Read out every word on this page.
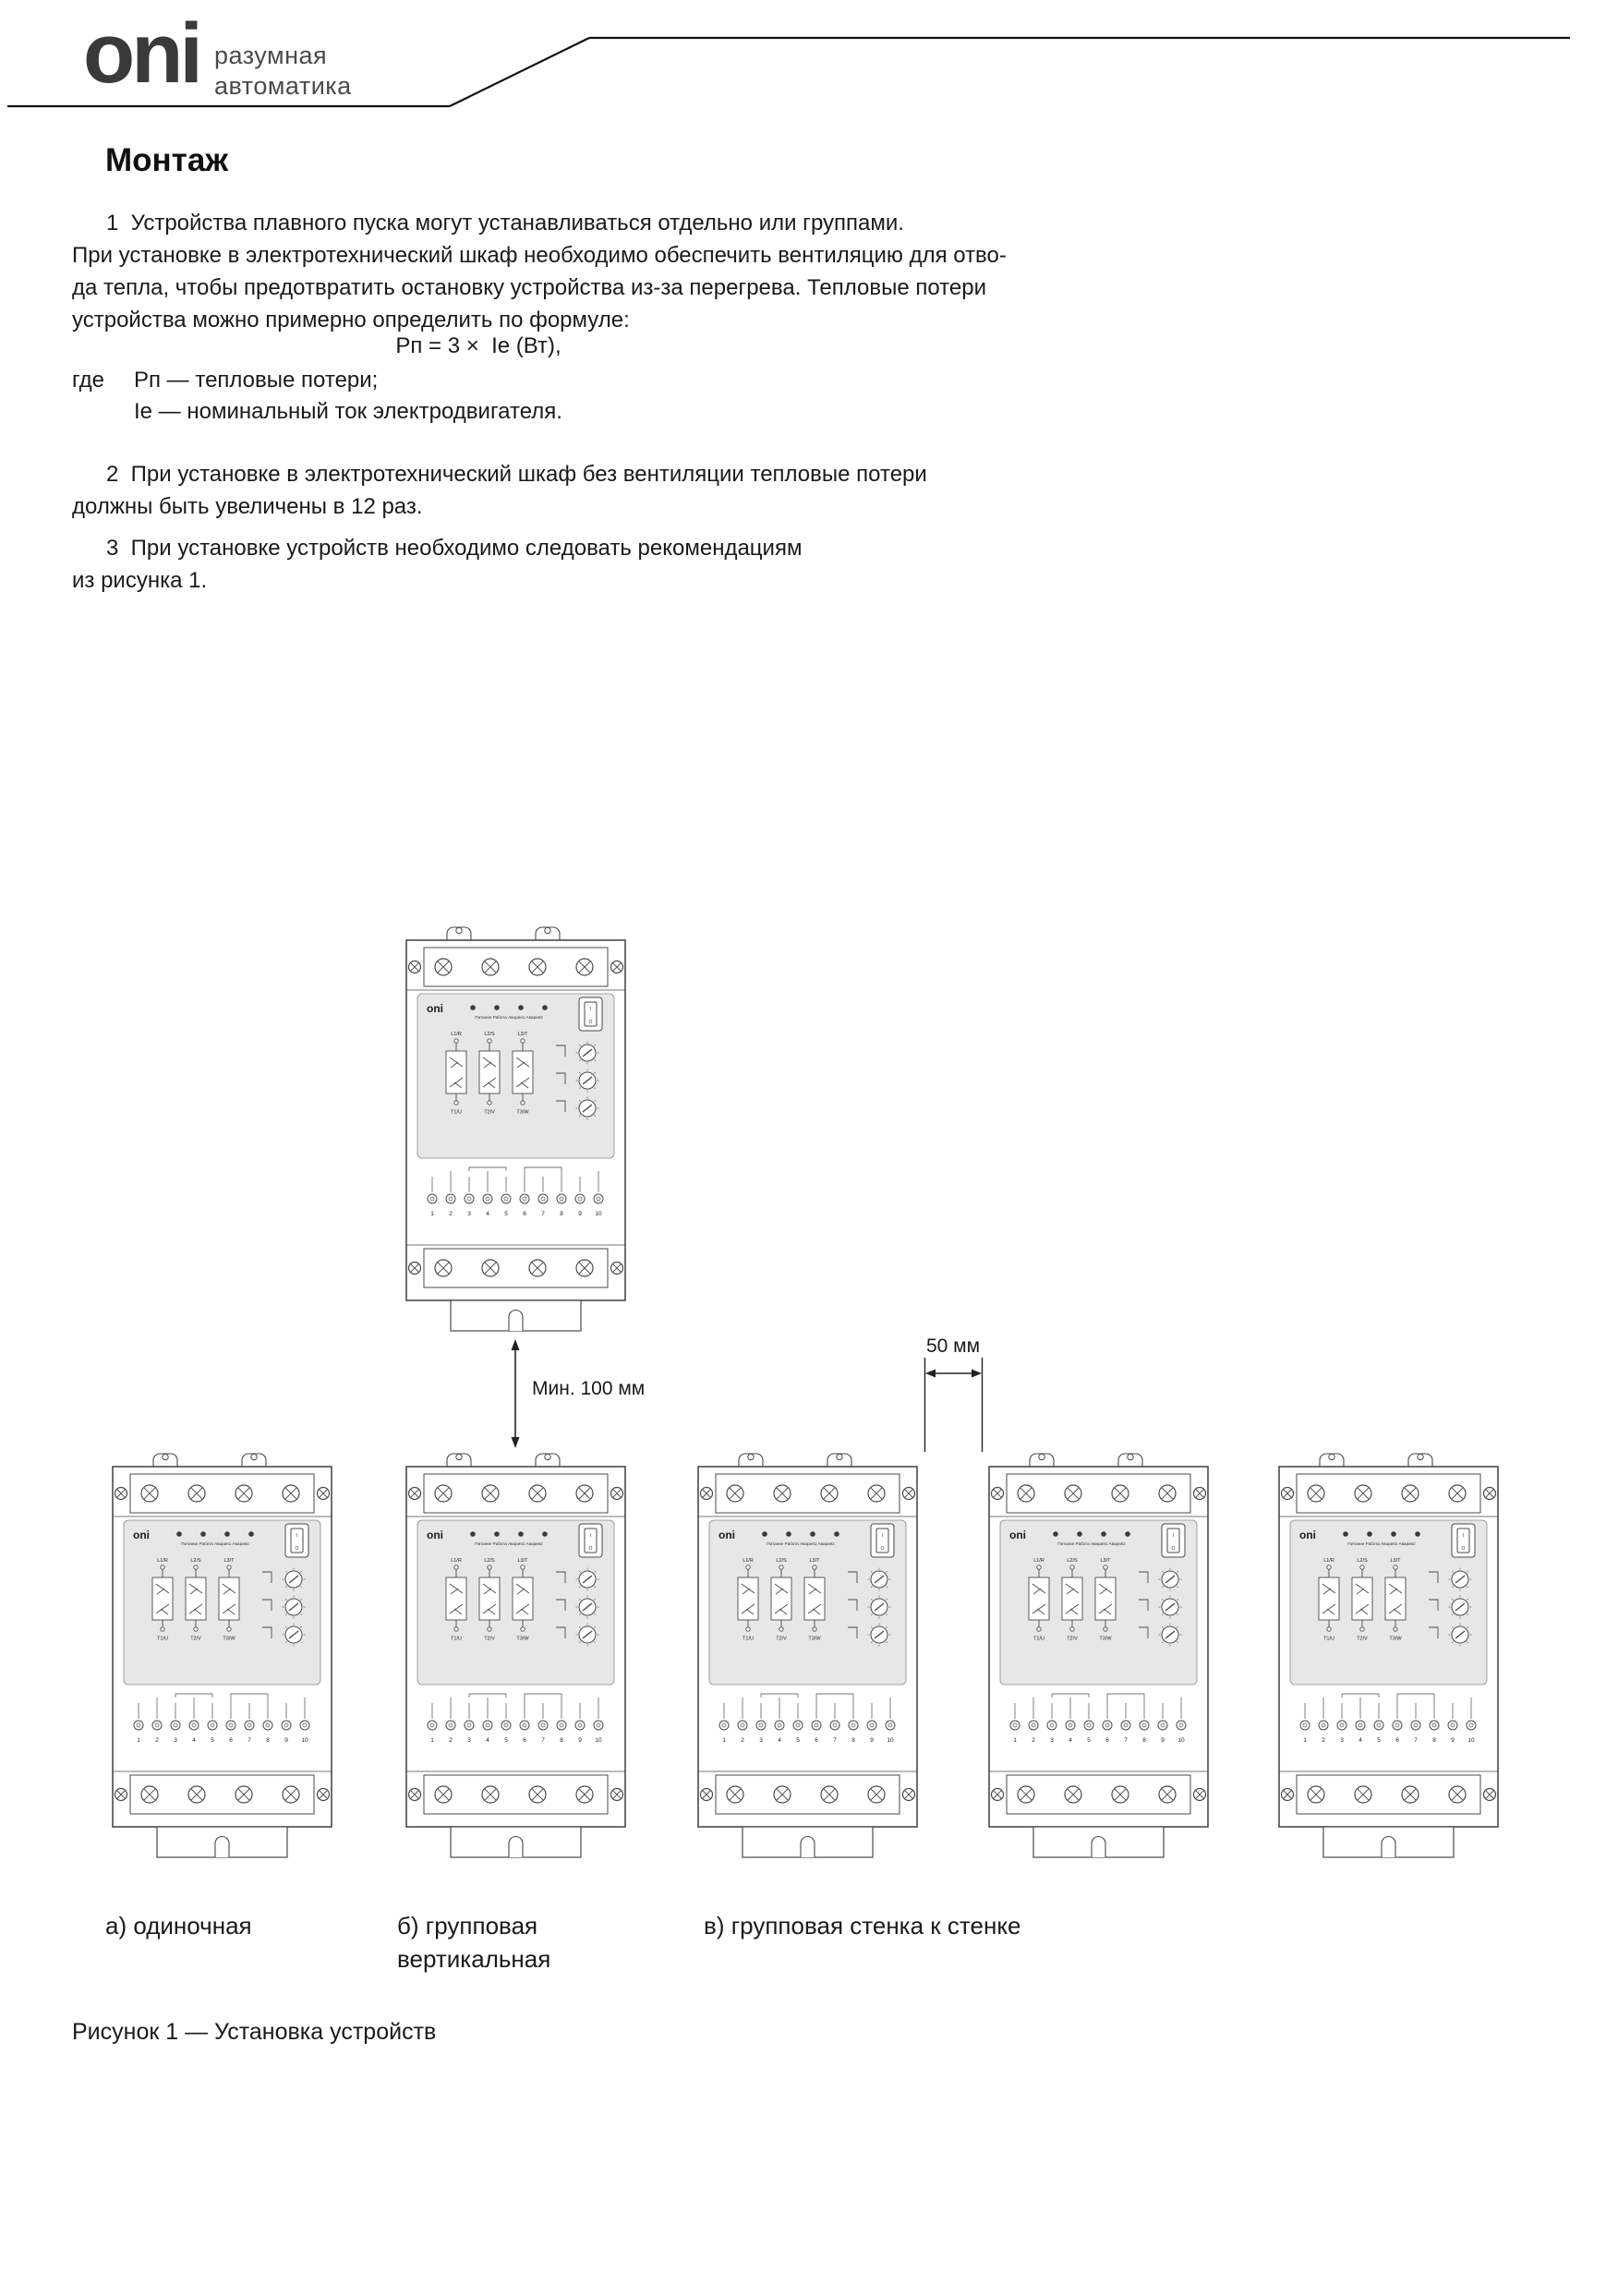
oni разумная
автоматика
Монтаж
1  Устройства плавного пуска могут устанавливаться отдельно или группами.
При установке в электротехнический шкаф необходимо обеспечить вентиляцию для отво-
да тепла, чтобы предотвратить остановку устройства из-за перегрева. Тепловые потери
устройства можно примерно определить по формуле:
Рп = 3 ×  Ie (Вт),
где Рп — тепловые потери;
Ie — номинальный ток электродвигателя.
2  При установке в электротехнический шкаф без вентиляции тепловые потери
должны быть увеличены в 12 раз.
3  При установке устройств необходимо следовать рекомендациям
из рисунка 1.
oni
Питание Работа Авария1 Авария2
I
O
L1/R
T1/U
L2/S
T2/V
L3/T
T3/W
1	2	3	4	5	6	7	8	9 10
oni
Питание Работа Авария1 Авария2
I
O
L1/R
T1/U
L2/S
T2/V
L3/T
T3/W
1	2	3	4	5	6	7	8	9 10
oni
Питание Работа Авария1 Авария2
I
O
L1/R
T1/U
L2/S
T2/V
L3/T
T3/W
1	2	3	4	5	6	7	8	9 10
oni
Питание Работа Авария1 Авария2
I
O
L1/R
T1/U
L2/S
T2/V
L3/T
T3/W
1	2	3	4	5	6	7	8	9 10
oni
Питание Работа Авария1 Авария2
I
O
L1/R
T1/U
L2/S
T2/V
L3/T
T3/W
1	2	3	4	5	6	7	8	9 10
oni
Питание Работа Авария1 Авария2
I
O
L1/R
T1/U
L2/S
T2/V
L3/T
T3/W
1	2	3	4	5	6	7	8	9 10
Мин. 100 мм
50 мм
а) одиночная	б) групповая
вертикальная
в) групповая стенка к стенке
Рисунок 1 — Установка устройств
